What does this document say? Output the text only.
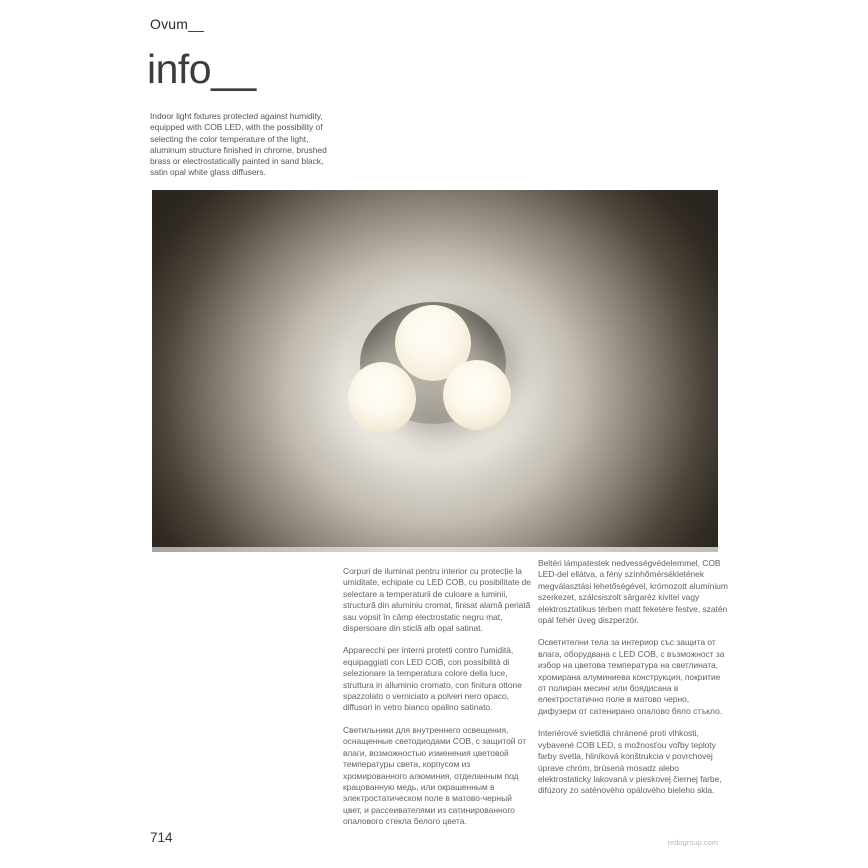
Ovum__
info__
Indoor light fixtures protected against humidity, equipped with COB LED, with the possibility of selecting the color temperature of the light, aluminum structure finished in chrome, brushed brass or electrostatically painted in sand black, satin opal white glass diffusers.

Corpuri de iluminat pentru interior cu protecție la umiditate, echipate cu LED COB, cu posibilitate de selectare a temperaturii de culoare a luminii, structură din aluminiu cromat, finisat alamă periată sau vopsit în câmp electrostatic negru mat, dispersoare din sticlă alb opal satinat.

Apparecchi per interni protetti contro l'umidità, equipaggiati con LED COB, con possibilità di selezionare la temperatura colore della luce, struttura in alluminio cromato, con finitura ottone spazzolato o verniciato a polveri nero opaco, diffusori in vetro bianco opalino satinato.

Светильники для внутреннего освещения, оснащенные светодиодами COB, с защитой от влаги, возможностью изменения цветовой температуры света, корпусом из хромированного алюминия, отделанным под крацованную медь, или окрашенным в электростатическом поле в матово-черный цвет, и рассеивателями из сатинированного опалового стекла белого цвета.

Beltéri lámpatestek nedvességvédelemmel, COB LED-del ellátva, a fény színhőmérsékletének megválasztási lehetőségével, krómozott alumínium szerkezet, szálcsiszolt sárgaréz kivitel vagy elektrosztatikus térben matt feketére festve, szatén opál fehér üveg diszperzór.

Осветителни тела за интериор със защита от влага, оборудвана с LED COB, с възможност за избор на цветова температура на светлината, хромирана алуминиева конструкция, покритие от полиран месинг или боядисана в електростатично поле в матово черно, дифузери от сатенирано опалово бяло стъкло.

Interiérové svietidlá chránené proti vlhkosti, vybavené COB LED, s možnosťou voľby teploty farby svetla, hliníková konštrukcia v povrchovej úprave chróm, brúsená mosadz alebo elektrostaticky lakovaná v pieskovej čiernej farbe, difúzory zo saténového opálového bieleho skla.

714	redogroup.com
